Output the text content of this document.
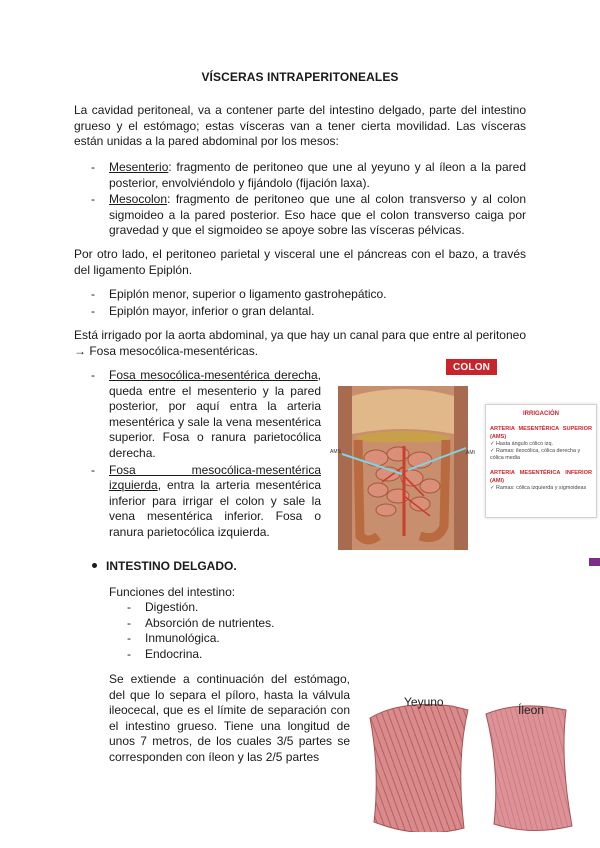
VÍSCERAS INTRAPERITONEALES
La cavidad peritoneal, va a contener parte del intestino delgado, parte del intestino grueso y el estómago; estas vísceras van a tener cierta movilidad. Las vísceras están unidas a la pared abdominal por los mesos:
- Mesenterio: fragmento de peritoneo que une al yeyuno y al íleon a la pared posterior, envolviéndolo y fijándolo (fijación laxa).
- Mesocolon: fragmento de peritoneo que une al colon transverso y al colon sigmoideo a la pared posterior. Eso hace que el colon transverso caiga por gravedad y que el sigmoideo se apoye sobre las vísceras pélvicas.
Por otro lado, el peritoneo parietal y visceral une el páncreas con el bazo, a través del ligamento Epiplón.
- Epiplón menor, superior o ligamento gastrohepático.
- Epiplón mayor, inferior o gran delantal.
Está irrigado por la aorta abdominal, ya que hay un canal para que entre al peritoneo → Fosa mesocólica-mesentéricas.
- Fosa mesocólica-mesentérica derecha, queda entre el mesenterio y la pared posterior, por aquí entra la arteria mesentérica y sale la vena mesentérica superior. Fosa o ranura parietocólica derecha.
- Fosa mesocólica-mesentérica izquierda, entra la arteria mesentérica inferior para irrigar el colon y sale la vena mesentérica inferior. Fosa o ranura parietocólica izquierda.
COLON
AMS	AMI
IRRIGACIÓN
ARTERIA MESENTÉRICA SUPERIOR (AMS)
✓ Hasta ángulo cólico izq.
✓ Ramas: ileocólica, cólica derecha y cólica media
ARTERIA MESENTÉRICA INFERIOR (AMI)
✓ Ramas: cólica izquierda y sigmoideas
INTESTINO DELGADO.
Funciones del intestino:
- Digestión.
- Absorción de nutrientes.
- Inmunológica.
- Endocrina.
Se extiende a continuación del estómago, del que lo separa el píloro, hasta la válvula ileocecal, que es el límite de separación con el intestino grueso. Tiene una longitud de unos 7 metros, de los cuales 3/5 partes se corresponden con íleon y las 2/5 partes
Yeyuno
Íleon
